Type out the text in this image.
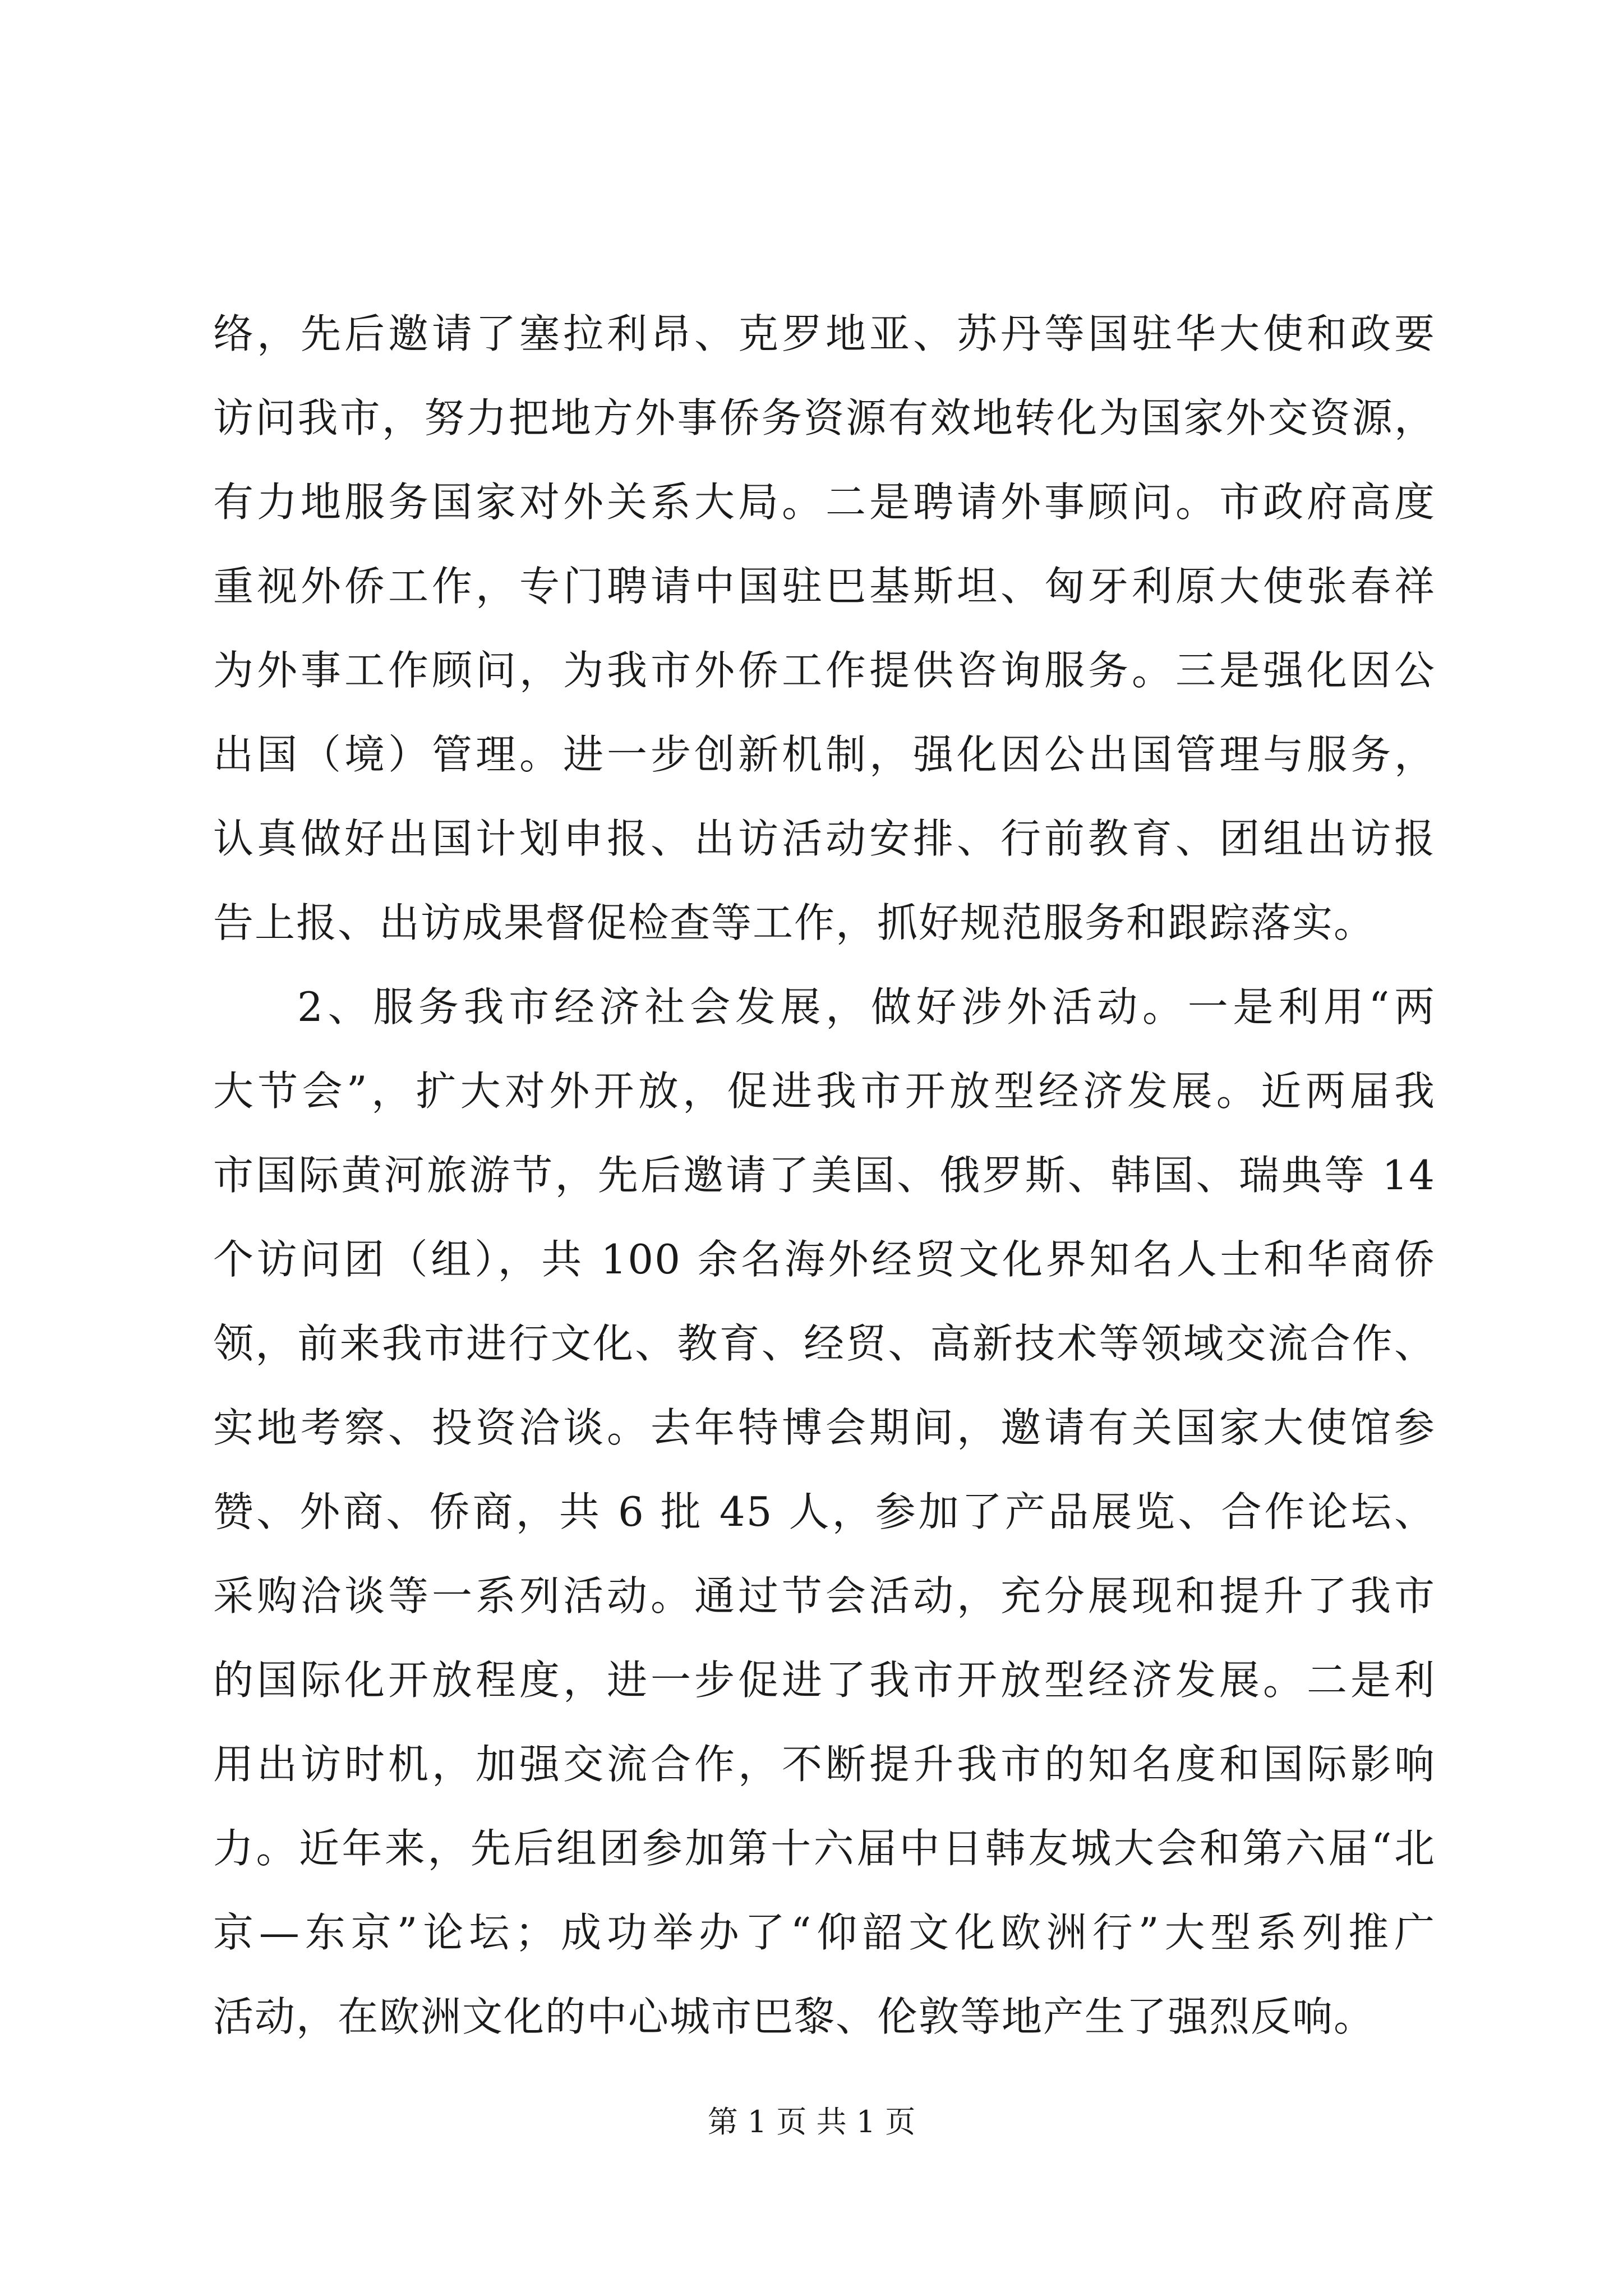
络，先后邀请了塞拉利昂、克罗地亚、苏丹等国驻华大使和政要
访问我市，努力把地方外事侨务资源有效地转化为国家外交资源，
有力地服务国家对外关系大局。二是聘请外事顾问。市政府高度
重视外侨工作，专门聘请中国驻巴基斯坦、匈牙利原大使张春祥
为外事工作顾问，为我市外侨工作提供咨询服务。三是强化因公
出国（境）管理。进一步创新机制，强化因公出国管理与服务，
认真做好出国计划申报、出访活动安排、行前教育、团组出访报
告上报、出访成果督促检查等工作，抓好规范服务和跟踪落实。
2、服务我市经济社会发展，做好涉外活动。一是利用“两
大节会”，扩大对外开放，促进我市开放型经济发展。近两届我
市国际黄河旅游节，先后邀请了美国、俄罗斯、韩国、瑞典等 14
个访问团（组），共 100 余名海外经贸文化界知名人士和华商侨
领，前来我市进行文化、教育、经贸、高新技术等领域交流合作、
实地考察、投资洽谈。去年特博会期间，邀请有关国家大使馆参
赞、外商、侨商，共 6 批 45 人，参加了产品展览、合作论坛、
采购洽谈等一系列活动。通过节会活动，充分展现和提升了我市
的国际化开放程度，进一步促进了我市开放型经济发展。二是利
用出访时机，加强交流合作，不断提升我市的知名度和国际影响
力。近年来，先后组团参加第十六届中日韩友城大会和第六届“北
京—东京”论坛；成功举办了“仰韶文化欧洲行”大型系列推广
活动，在欧洲文化的中心城市巴黎、伦敦等地产生了强烈反响。
第 1 页 共 1 页
